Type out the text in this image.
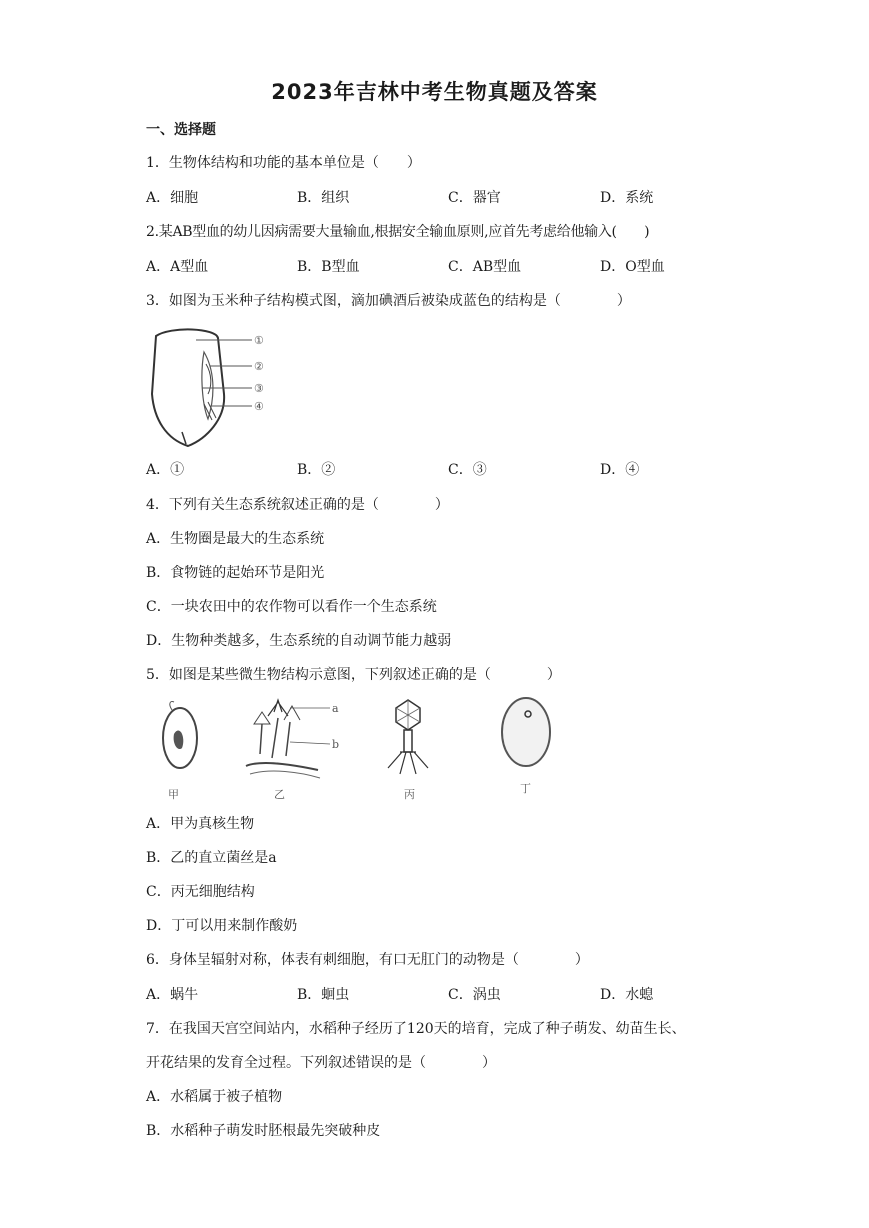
2023年吉林中考生物真题及答案
一、选择题
1．生物体结构和功能的基本单位是（　　）
A．细胞	B．组织	C．器官	D．系统
2.某AB型血的幼儿因病需要大量输血,根据安全输血原则,应首先考虑给他输入(　　)
A．A型血	B．B型血	C．AB型血	D．O型血
3．如图为玉米种子结构模式图，滴加碘酒后被染成蓝色的结构是（　　　　）
①
②
③
④
A．①	B．②	C．③	D．④
4．下列有关生态系统叙述正确的是（　　　　）
A．生物圈是最大的生态系统
B．食物链的起始环节是阳光
C．一块农田中的农作物可以看作一个生态系统
D．生物种类越多，生态系统的自动调节能力越弱
5．如图是某些微生物结构示意图，下列叙述正确的是（　　　　）
甲
a
b
乙	丙	丁
A．甲为真核生物
B．乙的直立菌丝是a
C．丙无细胞结构
D．丁可以用来制作酸奶
6．身体呈辐射对称，体表有刺细胞，有口无肛门的动物是（　　　　）
A．蜗牛	B．蛔虫	C．涡虫	D．水螅
7．在我国天宫空间站内，水稻种子经历了120天的培育，完成了种子萌发、幼苗生长、
开花结果的发育全过程。下列叙述错误的是（　　　　）
A．水稻属于被子植物
B．水稻种子萌发时胚根最先突破种皮
